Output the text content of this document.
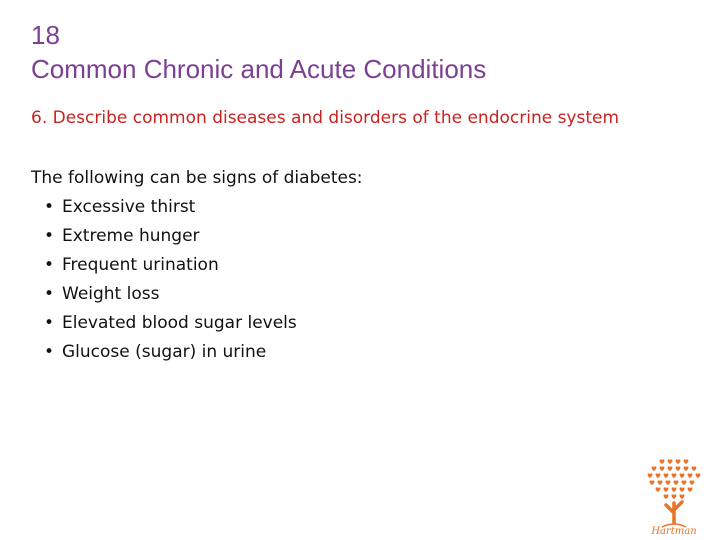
18
Common Chronic and Acute Conditions
6. Describe common diseases and disorders of the endocrine system
The following can be signs of diabetes:
• Excessive thirst
• Extreme hunger
• Frequent urination
• Weight loss
• Elevated blood sugar levels
• Glucose (sugar) in urine
Hartman
